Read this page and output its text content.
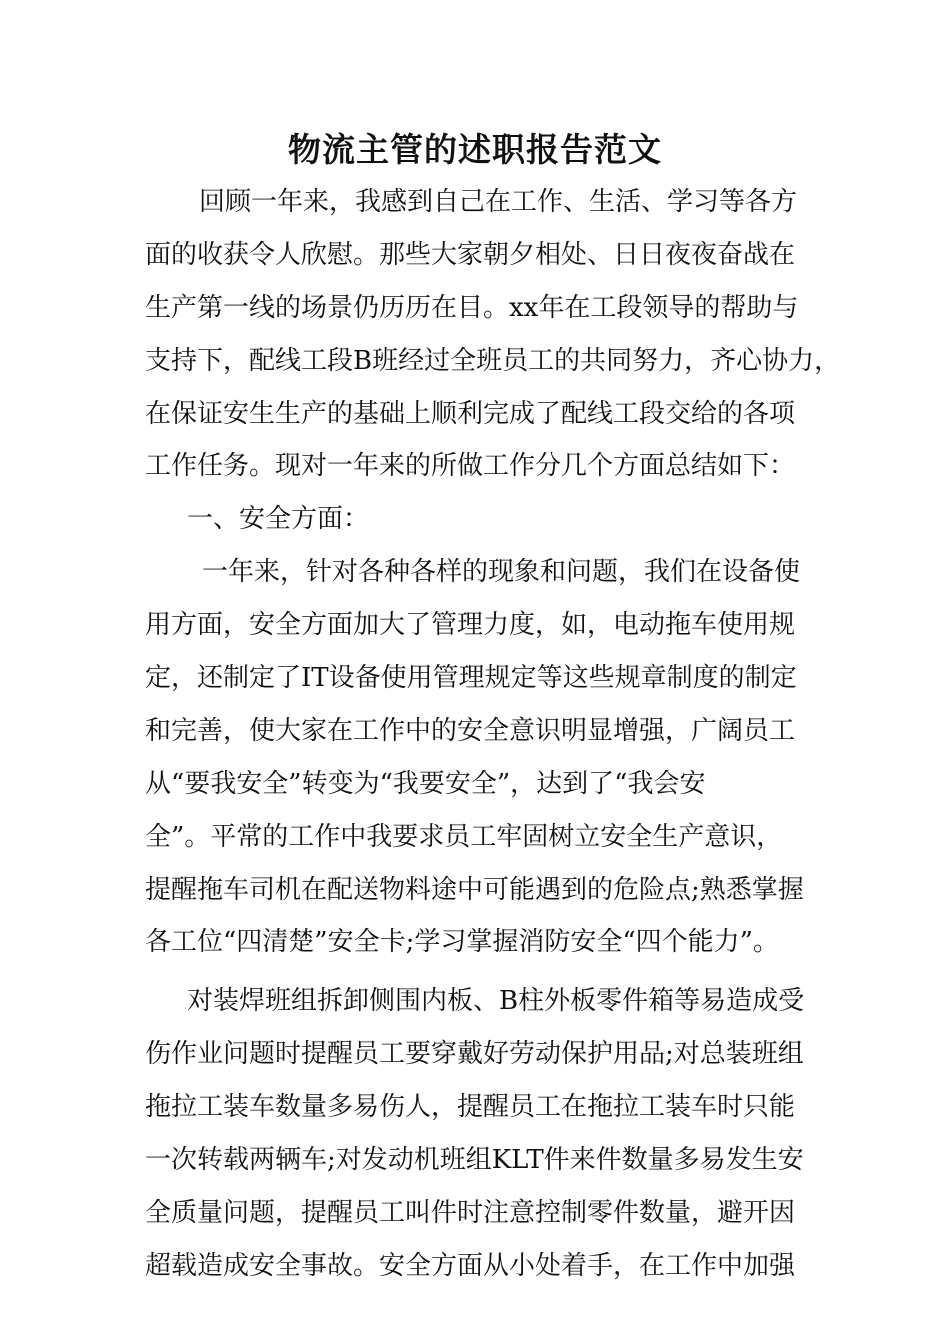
物流主管的述职报告范文
回顾一年来，我感到自己在工作、生活、学习等各方
面的收获令人欣慰。那些大家朝夕相处、日日夜夜奋战在
生产第一线的场景仍历历在目。xx年在工段领导的帮助与
支持下，配线工段B班经过全班员工的共同努力，齐心协力，
在保证安生生产的基础上顺利完成了配线工段交给的各项
工作任务。现对一年来的所做工作分几个方面总结如下：
一、安全方面：
一年来，针对各种各样的现象和问题，我们在设备使
用方面，安全方面加大了管理力度，如，电动拖车使用规
定，还制定了IT设备使用管理规定等这些规章制度的制定
和完善，使大家在工作中的安全意识明显增强，广阔员工
从“要我安全”转变为“我要安全”，达到了“我会安
全”。平常的工作中我要求员工牢固树立安全生产意识，
提醒拖车司机在配送物料途中可能遇到的危险点;熟悉掌握
各工位“四清楚”安全卡;学习掌握消防安全“四个能力”。
对装焊班组拆卸侧围内板、B柱外板零件箱等易造成受
伤作业问题时提醒员工要穿戴好劳动保护用品;对总装班组
拖拉工装车数量多易伤人，提醒员工在拖拉工装车时只能
一次转载两辆车;对发动机班组KLT件来件数量多易发生安
全质量问题，提醒员工叫件时注意控制零件数量，避开因
超载造成安全事故。安全方面从小处着手，在工作中加强
